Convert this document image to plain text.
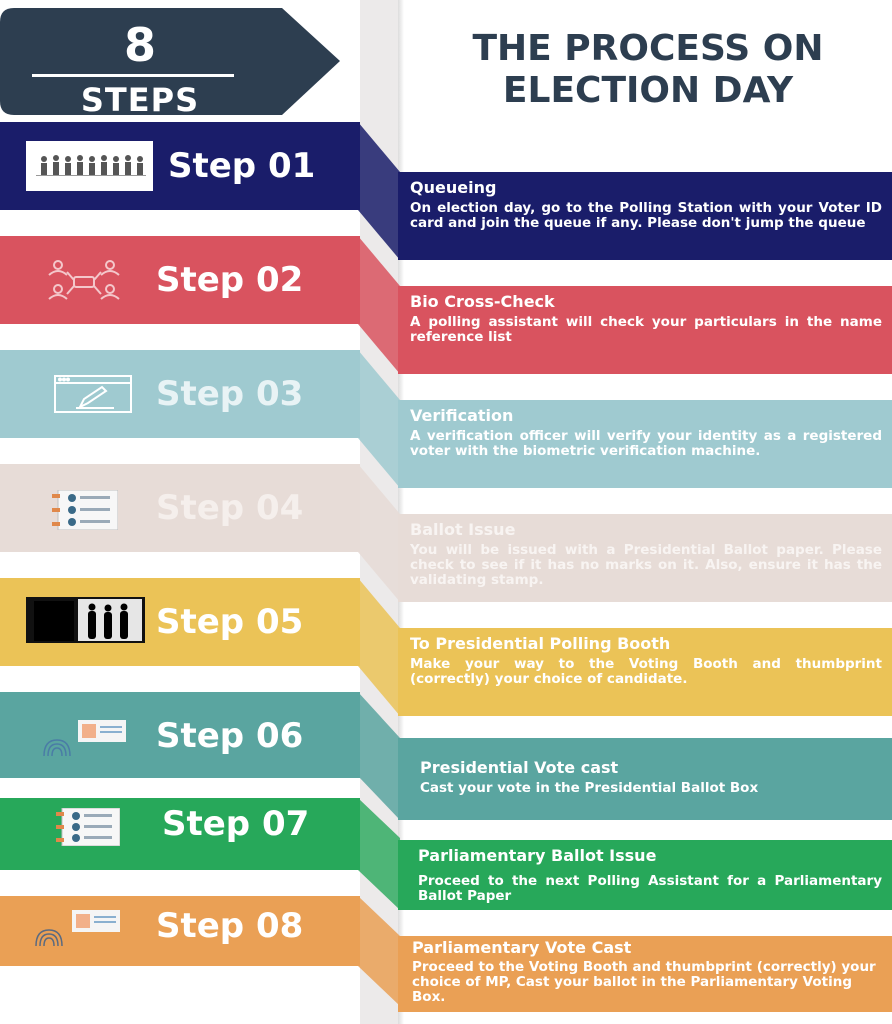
8
STEPS
THE PROCESS ON
ELECTION DAY
Step 01
Queueing
On election day, go to the Polling Station with your Voter ID card and join the queue if any. Please don't jump the queue
Step 02
Bio Cross-Check
A polling assistant will check your particulars in the name reference list
Step 03
Verification
A verification officer will verify your identity as a registered voter with the biometric verification machine.
Step 04
Ballot Issue
You will be issued with a Presidential Ballot paper. Please check to see if it has no marks on it. Also, ensure it has the validating stamp.
Step 05
To Presidential Polling Booth
Make your way to the Voting Booth and thumbprint (correctly) your choice of candidate.
Step 06
Presidential Vote cast
Cast your vote in the Presidential Ballot Box
Step 07
Parliamentary Ballot Issue
Proceed to the next Polling Assistant for a Parliamentary Ballot Paper
Step 08
Parliamentary Vote Cast
Proceed to the Voting Booth and thumbprint (correctly) your choice of MP, Cast your ballot in the Parliamentary Voting Box.
